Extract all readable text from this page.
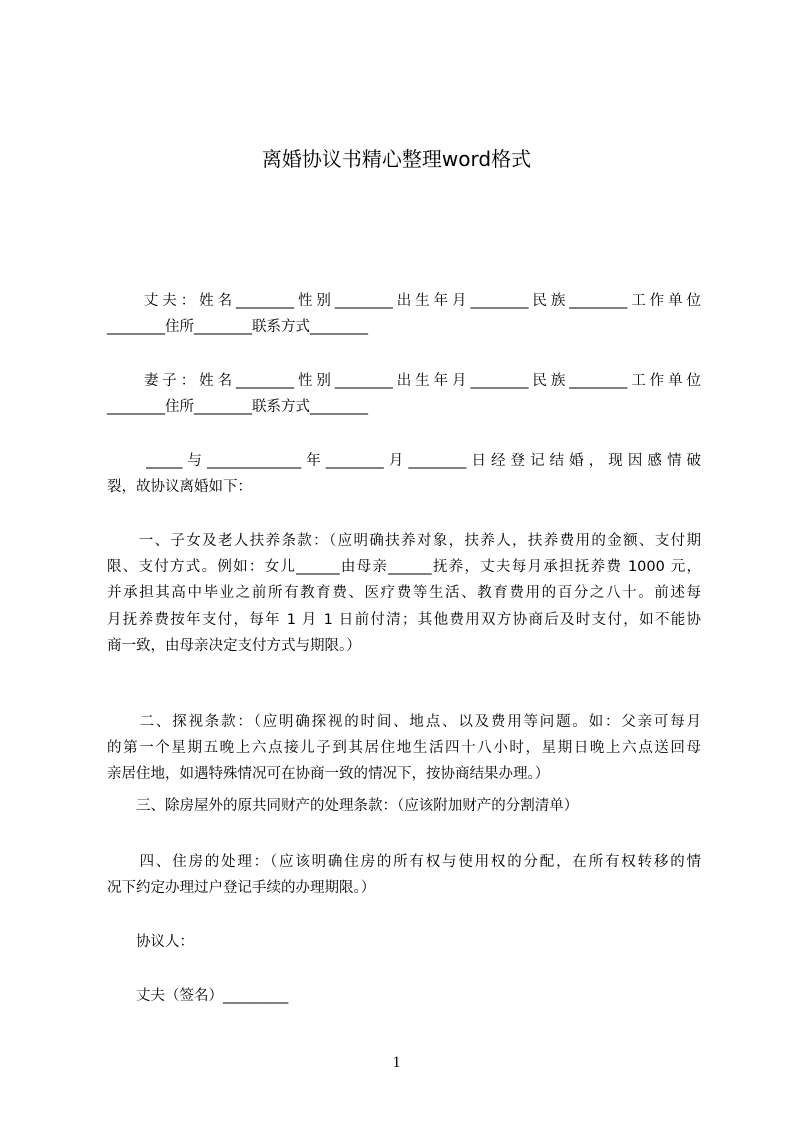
离婚协议书精心整理word格式
　　丈夫：姓名________性别________出生年月________民族________工作单位
________住所________联系方式________
　　妻子：姓名________性别________出生年月________民族________工作单位
________住所________联系方式________
　　_____与_____________年________月________日经登记结婚，现因感情破
裂，故协议离婚如下：
　　一、子女及老人扶养条款：（应明确扶养对象，扶养人，扶养费用的金额、支付期
限、支付方式。例如：女儿______由母亲______抚养，丈夫每月承担抚养费 1000 元，
并承担其高中毕业之前所有教育费、医疗费等生活、教育费用的百分之八十。前述每
月抚养费按年支付，每年 1 月 1 日前付清；其他费用双方协商后及时支付，如不能协
商一致，由母亲决定支付方式与期限。）
　　二、探视条款：（应明确探视的时间、地点、以及费用等问题。如：父亲可每月
的第一个星期五晚上六点接儿子到其居住地生活四十八小时，星期日晚上六点送回母
亲居住地，如遇特殊情况可在协商一致的情况下，按协商结果办理。）
　　三、除房屋外的原共同财产的处理条款：（应该附加财产的分割清单）
　　四、住房的处理：（应该明确住房的所有权与使用权的分配，在所有权转移的情
况下约定办理过户登记手续的办理期限。）
　　协议人：
　　丈夫（签名）_________
1
